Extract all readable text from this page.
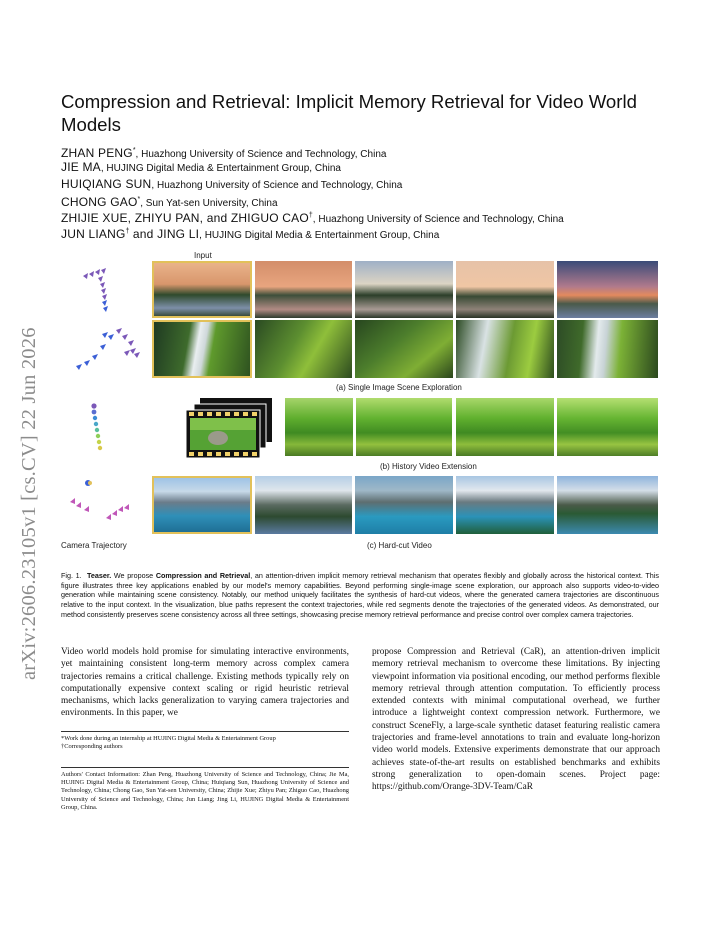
arXiv:2606.23105v1 [cs.CV] 22 Jun 2026
Compression and Retrieval: Implicit Memory Retrieval for Video World Models
ZHAN PENG*, Huazhong University of Science and Technology, China
JIE MA, HUJING Digital Media & Entertainment Group, China
HUIQIANG SUN, Huazhong University of Science and Technology, China
CHONG GAO*, Sun Yat-sen University, China
ZHIJIE XUE, ZHIYU PAN, and ZHIGUO CAO†, Huazhong University of Science and Technology, China
JUN LIANG† and JING LI, HUJING Digital Media & Entertainment Group, China
Input
(a) Single Image Scene Exploration
(b) History Video Extension
Camera Trajectory	(c) Hard-cut Video
Fig. 1. Teaser. We propose Compression and Retrieval, an attention-driven implicit memory retrieval mechanism that operates flexibly and globally across the historical context. This figure illustrates three key applications enabled by our model's memory capabilities. Beyond performing single-image scene exploration, our approach also supports video-to-video generation while maintaining scene consistency. Notably, our method uniquely facilitates the synthesis of hard-cut videos, where the generated camera trajectories are discontinuous relative to the input context. In the visualization, blue paths represent the context trajectories, while red segments denote the trajectories of the generated videos. As demonstrated, our method consistently preserves scene consistency across all three settings, showcasing precise memory retrieval performance and precise control over complex camera trajectories.
Video world models hold promise for simulating interactive environments, yet maintaining consistent long-term memory across complex camera trajectories remains a critical challenge. Existing methods typically rely on computationally expensive context scaling or rigid heuristic retrieval mechanisms, which lacks generalization to varying camera trajectories and environments. In this paper, we
propose Compression and Retrieval (CaR), an attention-driven implicit memory retrieval mechanism to overcome these limitations. By injecting viewpoint information via positional encoding, our method performs flexible memory retrieval through attention computation. To efficiently process extended contexts with minimal computational overhead, we further introduce a lightweight context compression network. Furthermore, we construct SceneFly, a large-scale synthetic dataset featuring realistic camera trajectories and frame-level annotations to train and evaluate long-horizon video world models. Extensive experiments demonstrate that our approach achieves state-of-the-art results on established benchmarks and exhibits strong generalization to open-domain scenes. Project page: https://github.com/Orange-3DV-Team/CaR
*Work done during an internship at HUJING Digital Media & Entertainment Group
†Corresponding authors
Authors' Contact Information: Zhan Peng, Huazhong University of Science and Technology, China; Jie Ma, HUJING Digital Media & Entertainment Group, China; Huiqiang Sun, Huazhong University of Science and Technology, China; Chong Gao, Sun Yat-sen University, China; Zhijie Xue; Zhiyu Pan; Zhiguo Cao, Huazhong University of Science and Technology, China; Jun Liang; Jing Li, HUJING Digital Media & Entertainment Group, China.
